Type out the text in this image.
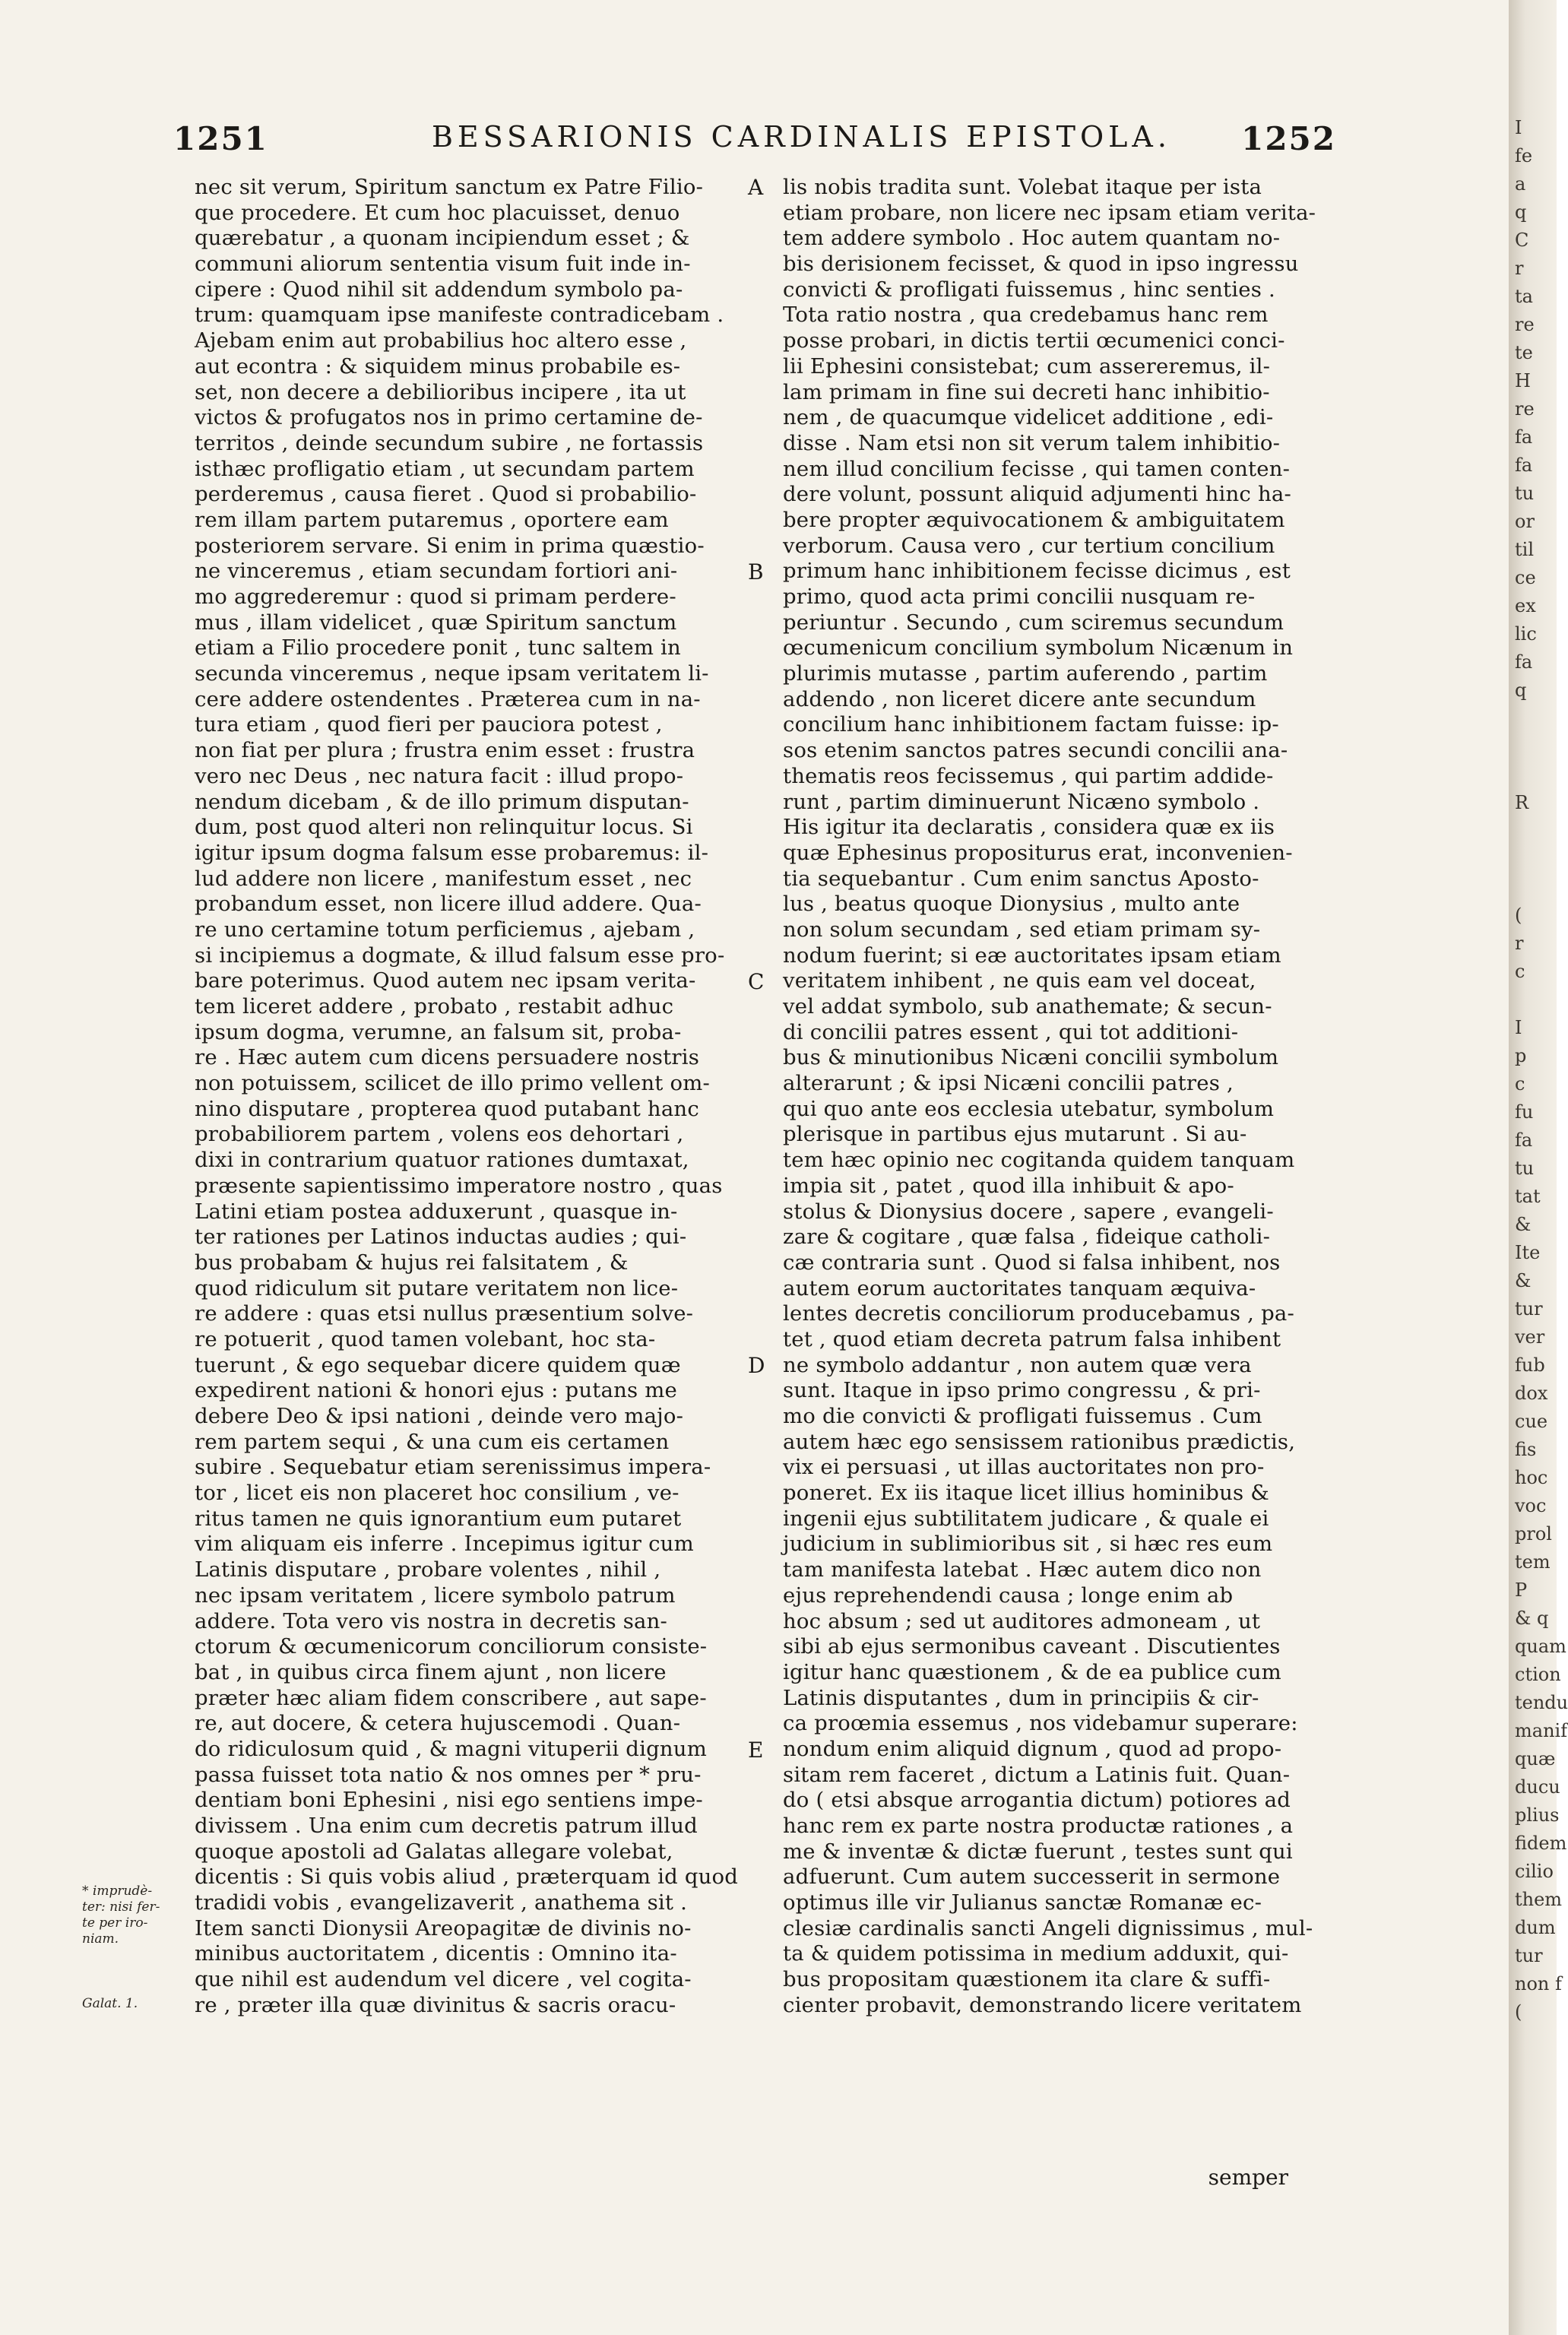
1251	BESSARIONIS CARDINALIS EPISTOLA.	1252
nec sit verum, Spiritum sanctum ex Patre Filio-
que procedere. Et cum hoc placuisset, denuo
quærebatur , a quonam incipiendum esset ; &
communi aliorum sententia visum fuit inde in-
cipere : Quod nihil sit addendum symbolo pa-
trum: quamquam ipse manifeste contradicebam .
Ajebam enim aut probabilius hoc altero esse ,
aut econtra : & siquidem minus probabile es-
set, non decere a debilioribus incipere , ita ut
victos & profugatos nos in primo certamine de-
territos , deinde secundum subire , ne fortassis
isthæc profligatio etiam , ut secundam partem
perderemus , causa fieret . Quod si probabilio-
rem illam partem putaremus , oportere eam
posteriorem servare. Si enim in prima quæstio-
ne vinceremus , etiam secundam fortiori ani-
mo aggrederemur : quod si primam perdere-
mus , illam videlicet , quæ Spiritum sanctum
etiam a Filio procedere ponit , tunc saltem in
secunda vinceremus , neque ipsam veritatem li-
cere addere ostendentes . Præterea cum in na-
tura etiam , quod fieri per pauciora potest ,
non fiat per plura ; frustra enim esset : frustra
vero nec Deus , nec natura facit : illud propo-
nendum dicebam , & de illo primum disputan-
dum, post quod alteri non relinquitur locus. Si
igitur ipsum dogma falsum esse probaremus: il-
lud addere non licere , manifestum esset , nec
probandum esset, non licere illud addere. Qua-
re uno certamine totum perficiemus , ajebam ,
si incipiemus a dogmate, & illud falsum esse pro-
bare poterimus. Quod autem nec ipsam verita-
tem liceret addere , probato , restabit adhuc
ipsum dogma, verumne, an falsum sit, proba-
re . Hæc autem cum dicens persuadere nostris
non potuissem, scilicet de illo primo vellent om-
nino disputare , propterea quod putabant hanc
probabiliorem partem , volens eos dehortari ,
dixi in contrarium quatuor rationes dumtaxat,
præsente sapientissimo imperatore nostro , quas
Latini etiam postea adduxerunt , quasque in-
ter rationes per Latinos inductas audies ; qui-
bus probabam & hujus rei falsitatem , &
quod ridiculum sit putare veritatem non lice-
re addere : quas etsi nullus præsentium solve-
re potuerit , quod tamen volebant, hoc sta-
tuerunt , & ego sequebar dicere quidem quæ
expedirent nationi & honori ejus : putans me
debere Deo & ipsi nationi , deinde vero majo-
rem partem sequi , & una cum eis certamen
subire . Sequebatur etiam serenissimus impera-
tor , licet eis non placeret hoc consilium , ve-
ritus tamen ne quis ignorantium eum putaret
vim aliquam eis inferre . Incepimus igitur cum
Latinis disputare , probare volentes , nihil ,
nec ipsam veritatem , licere symbolo patrum
addere. Tota vero vis nostra in decretis san-
ctorum & œcumenicorum conciliorum consiste-
bat , in quibus circa finem ajunt , non licere
præter hæc aliam fidem conscribere , aut sape-
re, aut docere, & cetera hujuscemodi . Quan-
do ridiculosum quid , & magni vituperii dignum
passa fuisset tota natio & nos omnes per * pru-
dentiam boni Ephesini , nisi ego sentiens impe-
divissem . Una enim cum decretis patrum illud
quoque apostoli ad Galatas allegare volebat,
dicentis : Si quis vobis aliud , præterquam id quod
tradidi vobis , evangelizaverit , anathema sit .
Item sancti Dionysii Areopagitæ de divinis no-
minibus auctoritatem , dicentis : Omnino ita-
que nihil est audendum vel dicere , vel cogita-
re , præter illa quæ divinitus & sacris oracu-
lis nobis tradita sunt. Volebat itaque per ista
etiam probare, non licere nec ipsam etiam verita-
tem addere symbolo . Hoc autem quantam no-
bis derisionem fecisset, & quod in ipso ingressu
convicti & profligati fuissemus , hinc senties .
Tota ratio nostra , qua credebamus hanc rem
posse probari, in dictis tertii œcumenici conci-
lii Ephesini consistebat; cum assereremus, il-
lam primam in fine sui decreti hanc inhibitio-
nem , de quacumque videlicet additione , edi-
disse . Nam etsi non sit verum talem inhibitio-
nem illud concilium fecisse , qui tamen conten-
dere volunt, possunt aliquid adjumenti hinc ha-
bere propter æquivocationem & ambiguitatem
verborum. Causa vero , cur tertium concilium
primum hanc inhibitionem fecisse dicimus , est
primo, quod acta primi concilii nusquam re-
periuntur . Secundo , cum sciremus secundum
œcumenicum concilium symbolum Nicænum in
plurimis mutasse , partim auferendo , partim
addendo , non liceret dicere ante secundum
concilium hanc inhibitionem factam fuisse: ip-
sos etenim sanctos patres secundi concilii ana-
thematis reos fecissemus , qui partim addide-
runt , partim diminuerunt Nicæno symbolo .
His igitur ita declaratis , considera quæ ex iis
quæ Ephesinus propositurus erat, inconvenien-
tia sequebantur . Cum enim sanctus Aposto-
lus , beatus quoque Dionysius , multo ante
non solum secundam , sed etiam primam sy-
nodum fuerint; si eæ auctoritates ipsam etiam
veritatem inhibent , ne quis eam vel doceat,
vel addat symbolo, sub anathemate; & secun-
di concilii patres essent , qui tot additioni-
bus & minutionibus Nicæni concilii symbolum
alterarunt ; & ipsi Nicæni concilii patres ,
qui quo ante eos ecclesia utebatur, symbolum
plerisque in partibus ejus mutarunt . Si au-
tem hæc opinio nec cogitanda quidem tanquam
impia sit , patet , quod illa inhibuit & apo-
stolus & Dionysius docere , sapere , evangeli-
zare & cogitare , quæ falsa , fideique catholi-
cæ contraria sunt . Quod si falsa inhibent, nos
autem eorum auctoritates tanquam æquiva-
lentes decretis conciliorum producebamus , pa-
tet , quod etiam decreta patrum falsa inhibent
ne symbolo addantur , non autem quæ vera
sunt. Itaque in ipso primo congressu , & pri-
mo die convicti & profligati fuissemus . Cum
autem hæc ego sensissem rationibus prædictis,
vix ei persuasi , ut illas auctoritates non pro-
poneret. Ex iis itaque licet illius hominibus &
ingenii ejus subtilitatem judicare , & quale ei
judicium in sublimioribus sit , si hæc res eum
tam manifesta latebat . Hæc autem dico non
ejus reprehendendi causa ; longe enim ab
hoc absum ; sed ut auditores admoneam , ut
sibi ab ejus sermonibus caveant . Discutientes
igitur hanc quæstionem , & de ea publice cum
Latinis disputantes , dum in principiis & cir-
ca proœmia essemus , nos videbamur superare:
nondum enim aliquid dignum , quod ad propo-
sitam rem faceret , dictum a Latinis fuit. Quan-
do ( etsi absque arrogantia dictum) potiores ad
hanc rem ex parte nostra productæ rationes , a
me & inventæ & dictæ fuerunt , testes sunt qui
adfuerunt. Cum autem successerit in sermone
optimus ille vir Julianus sanctæ Romanæ ec-
clesiæ cardinalis sancti Angeli dignissimus , mul-
ta & quidem potissima in medium adduxit, qui-
bus propositam quæstionem ita clare & suffi-
cienter probavit, demonstrando licere veritatem
A
B
C
D
E
* imprudè-
ter: nisi fer-
te per iro-
niam.
Galat. 1.
semper
I
fe
a
q
C
r
ta
re
te
H
re
fa
fa
tu
or
til
ce
ex
lic
fa
q
R
(
r
c
I
p
c
fu
fa
tu
tat
&
Ite
&
tur
ver
fub
dox
cue
fis
hoc
voc
prol
tem
P
& q
quam
ction
tendu
manif
quæ
ducu
plius
fidem
cilio
them
dum
tur
non f
(
